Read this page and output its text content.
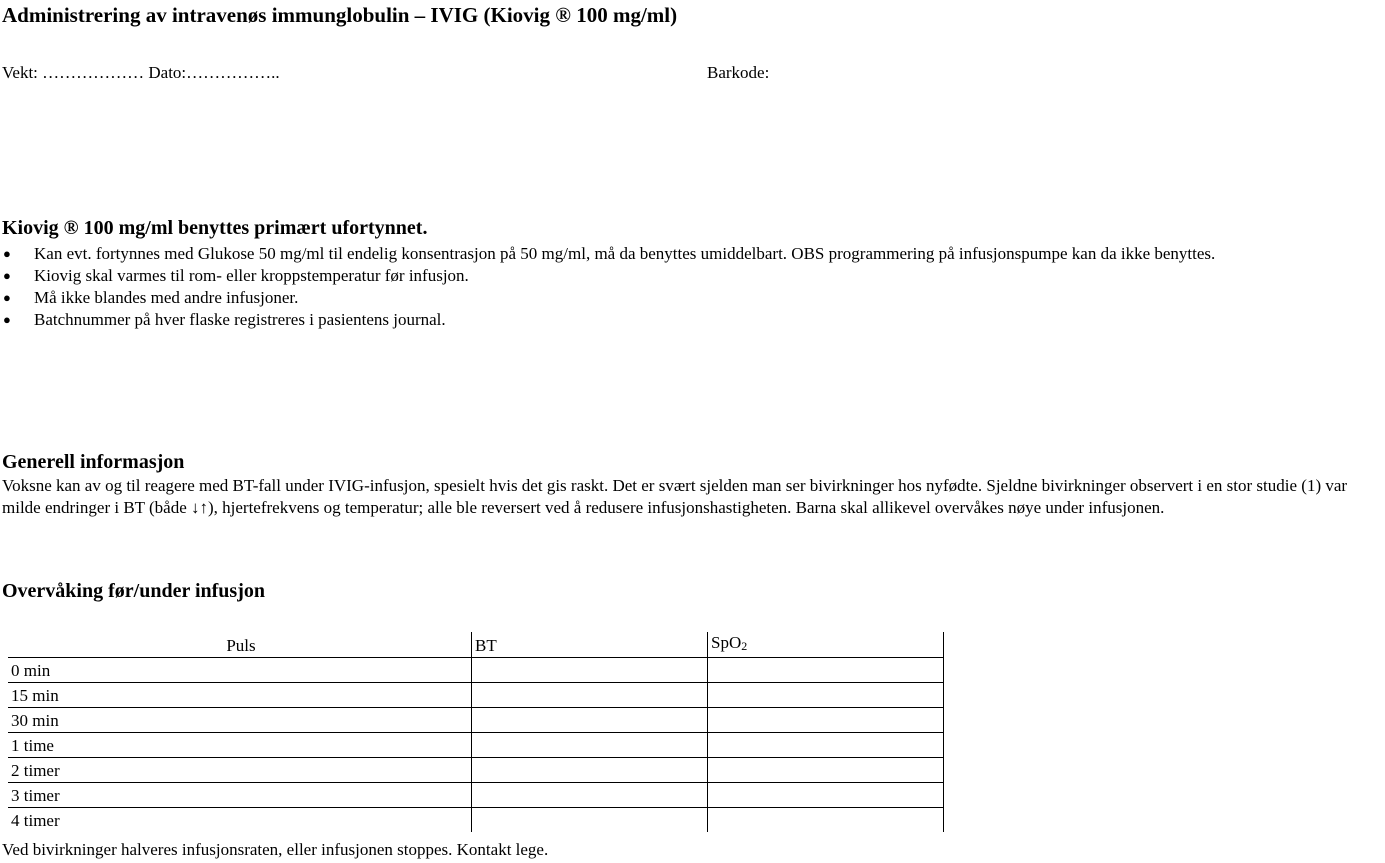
Administrering av intravenøs immunglobulin – IVIG (Kiovig ® 100 mg/ml)
Vekt: ……………… Dato:……………..	Barkode:
Kiovig ® 100 mg/ml benyttes primært ufortynnet.
● Kan evt. fortynnes med Glukose 50 mg/ml til endelig konsentrasjon på 50 mg/ml, må da benyttes umiddelbart. OBS programmering på infusjonspumpe kan da ikke benyttes.
● Kiovig skal varmes til rom- eller kroppstemperatur før infusjon.
● Må ikke blandes med andre infusjoner.
● Batchnummer på hver flaske registreres i pasientens journal.
Generell informasjon

Voksne kan av og til reagere med BT-fall under IVIG-infusjon, spesielt hvis det gis raskt. Det er svært sjelden man ser bivirkninger hos nyfødte. Sjeldne bivirkninger observert i en stor studie (1) var milde endringer i BT (både ↓↑), hjertefrekvens og temperatur; alle ble reversert ved å redusere infusjonshastigheten. Barna skal allikevel overvåkes nøye under infusjonen.

Overvåking før/under infusjon
Puls	BT	SpO$_2$
0 min		
15 min		
30 min		
1 time		
2 timer		
3 timer		
4 timer		

Ved bivirkninger halveres infusjonsraten, eller infusjonen stoppes. Kontakt lege.
